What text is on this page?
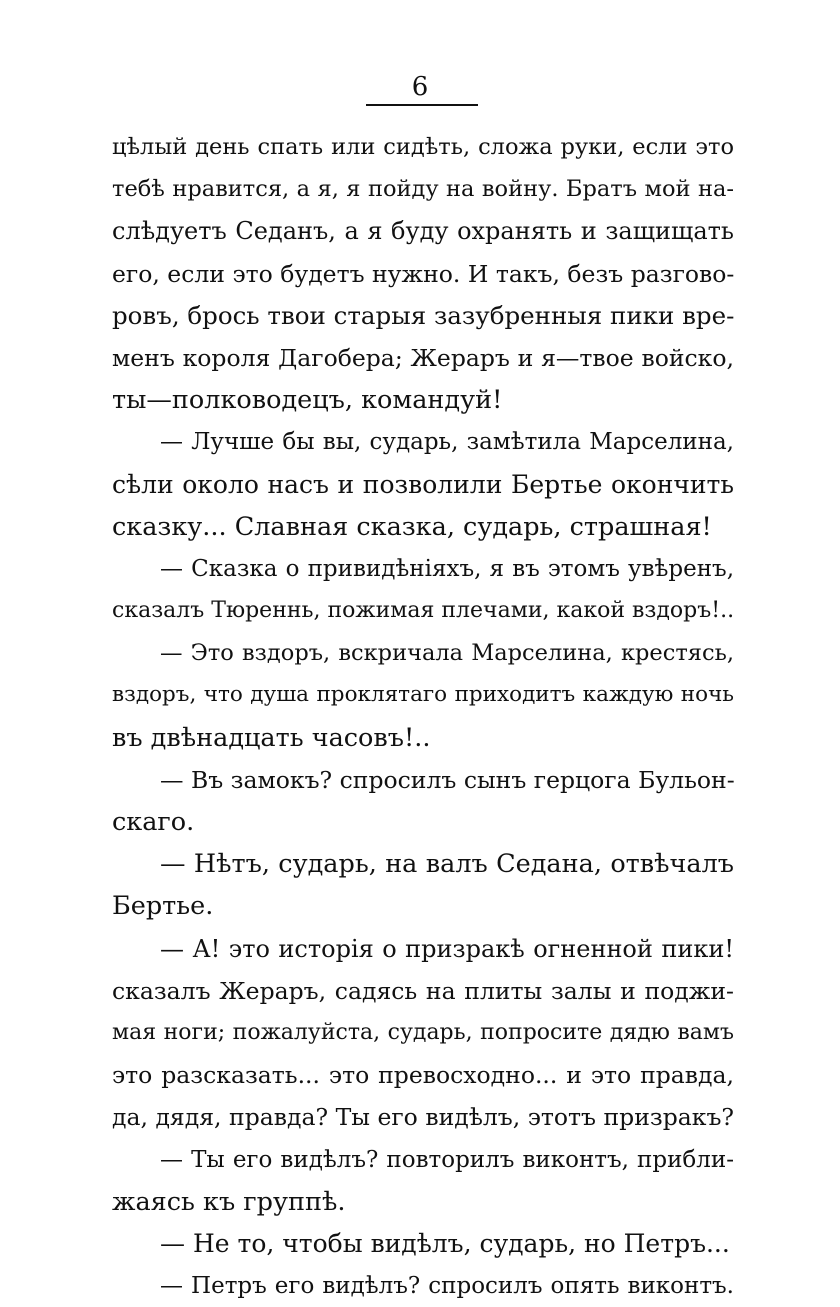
6
цѣлый день спать или сидѣть, сложа руки, если это
тебѣ нравится, а я, я пойду на войну. Братъ мой на-
слѣдуетъ Седанъ, а я буду охранять и защищать
его, если это будетъ нужно. И такъ, безъ разгово-
ровъ, брось твои старыя зазубренныя пики вре-
менъ короля Дагобера; Жераръ и я—твое войско,
ты—полководецъ, командуй!
— Лучше бы вы, сударь, замѣтила Марселина,
сѣли около насъ и позволили Бертье окончить
сказку... Славная сказка, сударь, страшная!
— Сказка о привидѣніяхъ, я въ этомъ увѣренъ,
сказалъ Тюреннь, пожимая плечами, какой вздоръ!..
— Это вздоръ, вскричала Марселина, крестясь,
вздоръ, что душа проклятаго приходитъ каждую ночь
въ двѣнадцать часовъ!..
— Въ замокъ? спросилъ сынъ герцога Бульон-
скаго.
— Нѣтъ, сударь, на валъ Седана, отвѣчалъ
Бертье.
— А! это исторія о призракѣ огненной пики!
сказалъ Жераръ, садясь на плиты залы и поджи-
мая ноги; пожалуйста, сударь, попросите дядю вамъ
это разсказать... это превосходно... и это правда,
да, дядя, правда? Ты его видѣлъ, этотъ призракъ?
— Ты его видѣлъ? повторилъ виконтъ, прибли-
жаясь къ группѣ.
— Не то, чтобы видѣлъ, сударь, но Петръ...
— Петръ его видѣлъ? спросилъ опять виконтъ.
